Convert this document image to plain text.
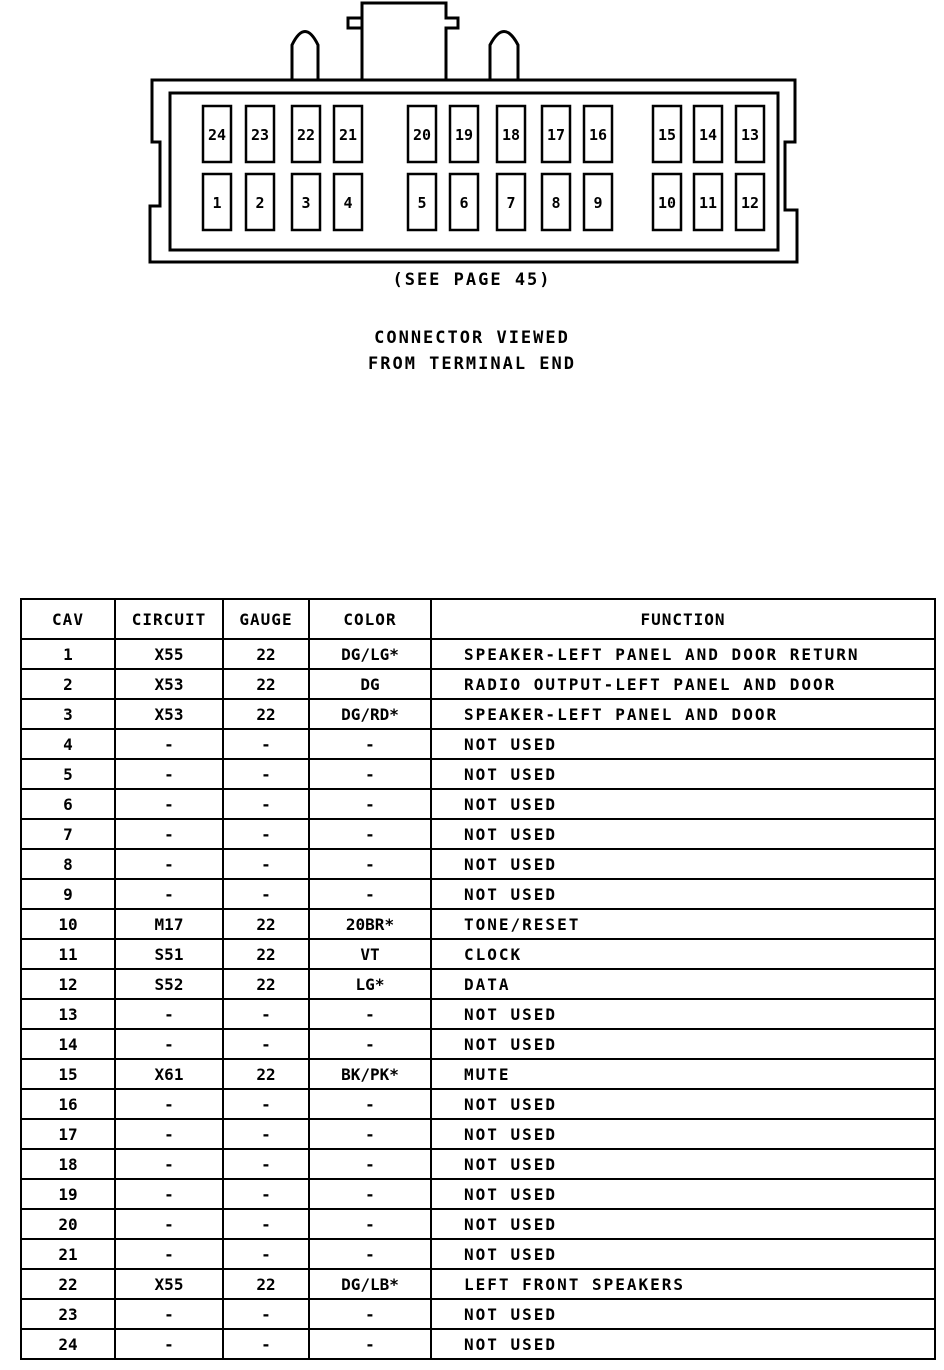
24 23 22 21	20 19 18 17 16	15 14 13
1 2 3 4	5 6	7 8 9	10 11 12
(SEE PAGE 45)
CONNECTOR VIEWED
FROM TERMINAL END
CAV	CIRCUIT	GAUGE	COLOR	FUNCTION
1	X55	22	DG/LG*	SPEAKER-LEFT PANEL AND DOOR RETURN
2	X53	22	DG	RADIO OUTPUT-LEFT PANEL AND DOOR
3	X53	22	DG/RD*	SPEAKER-LEFT PANEL AND DOOR
4	-	-	-	NOT USED
5	-	-	-	NOT USED
6	-	-	-	NOT USED
7	-	-	-	NOT USED
8	-	-	-	NOT USED
9	-	-	-	NOT USED
10	M17	22	20BR*	TONE/RESET
11	S51	22	VT	CLOCK
12	S52	22	LG*	DATA
13	-	-	-	NOT USED
14	-	-	-	NOT USED
15	X61	22	BK/PK*	MUTE
16	-	-	-	NOT USED
17	-	-	-	NOT USED
18	-	-	-	NOT USED
19	-	-	-	NOT USED
20	-	-	-	NOT USED
21	-	-	-	NOT USED
22	X55	22	DG/LB*	LEFT FRONT SPEAKERS
23	-	-	-	NOT USED
24	-	-	-	NOT USED
